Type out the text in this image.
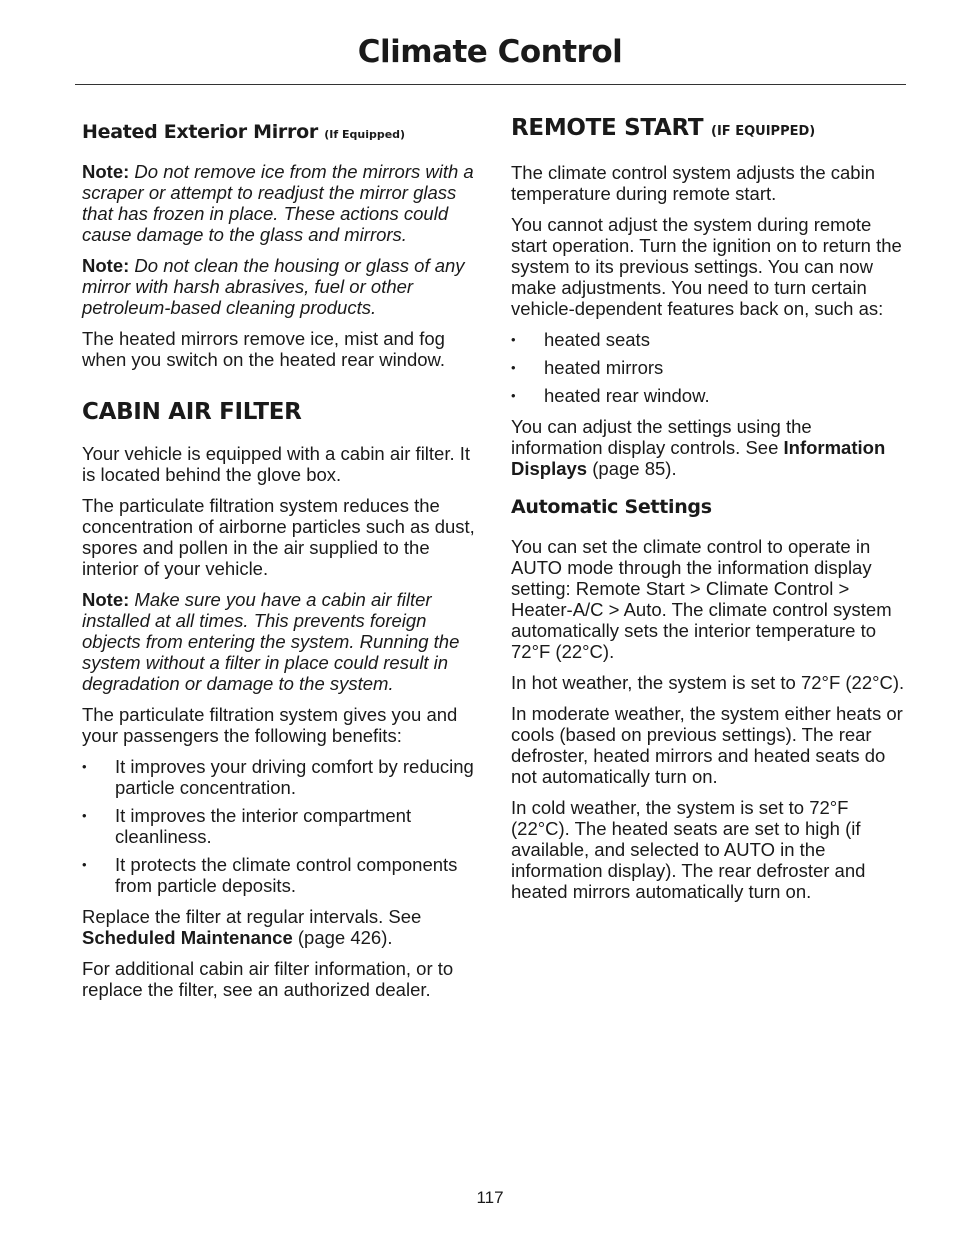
Climate Control
Heated Exterior Mirror (If Equipped)

Note: Do not remove ice from the mirrors with a scraper or attempt to readjust the mirror glass that has frozen in place. These actions could cause damage to the glass and mirrors.

Note: Do not clean the housing or glass of any mirror with harsh abrasives, fuel or other petroleum-based cleaning products.

The heated mirrors remove ice, mist and fog when you switch on the heated rear window.

CABIN AIR FILTER

Your vehicle is equipped with a cabin air filter. It is located behind the glove box.

The particulate filtration system reduces the concentration of airborne particles such as dust, spores and pollen in the air supplied to the interior of your vehicle.

Note: Make sure you have a cabin air filter installed at all times. This prevents foreign objects from entering the system. Running the system without a filter in place could result in degradation or damage to the system.

The particulate filtration system gives you and your passengers the following benefits:

• It improves your driving comfort by reducing particle concentration.
• It improves the interior compartment cleanliness.
• It protects the climate control components from particle deposits.

Replace the filter at regular intervals. See Scheduled Maintenance (page 426).

For additional cabin air filter information, or to replace the filter, see an authorized dealer.

REMOTE START (IF EQUIPPED)

The climate control system adjusts the cabin temperature during remote start.

You cannot adjust the system during remote start operation. Turn the ignition on to return the system to its previous settings. You can now make adjustments. You need to turn certain vehicle-dependent features back on, such as:

• heated seats
• heated mirrors
• heated rear window.

You can adjust the settings using the information display controls. See Information Displays (page 85).

Automatic Settings

You can set the climate control to operate in AUTO mode through the information display setting: Remote Start > Climate Control > Heater-A/C > Auto. The climate control system automatically sets the interior temperature to 72°F (22°C).

In hot weather, the system is set to 72°F (22°C).

In moderate weather, the system either heats or cools (based on previous settings). The rear defroster, heated mirrors and heated seats do not automatically turn on.

In cold weather, the system is set to 72°F (22°C). The heated seats are set to high (if available, and selected to AUTO in the information display). The rear defroster and heated mirrors automatically turn on.

117
